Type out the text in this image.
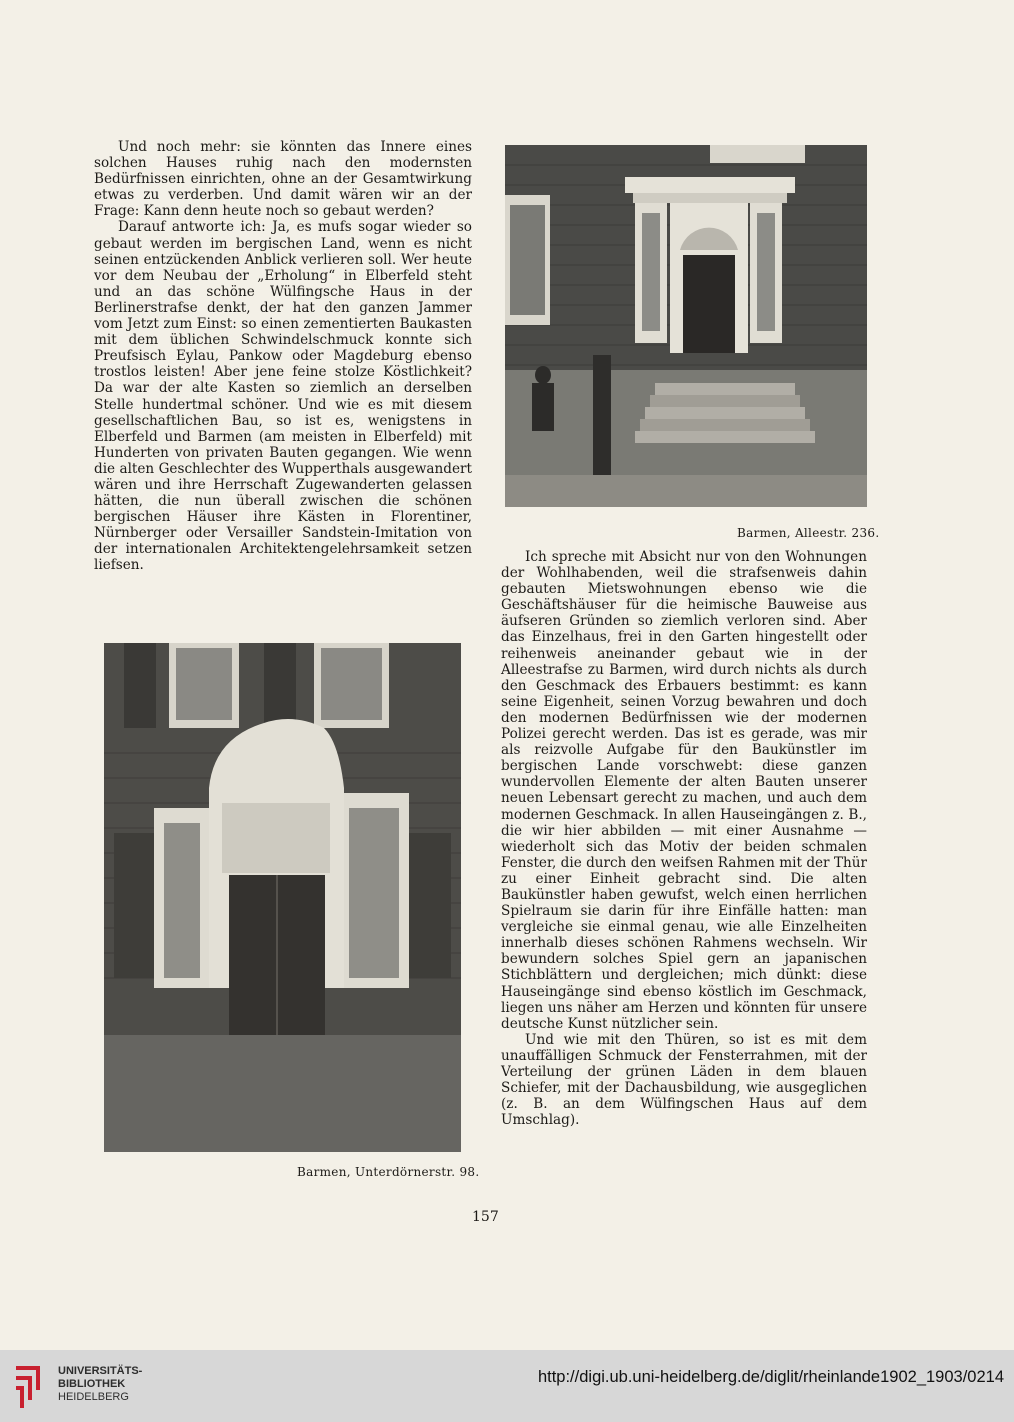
Und noch mehr: sie könnten das Innere eines solchen Hauses ruhig nach den modernsten Bedürfnissen einrichten, ohne an der Gesamtwirkung etwas zu verderben. Und damit wären wir an der Frage: Kann denn heute noch so gebaut werden?

Darauf antworte ich: Ja, es mufs sogar wieder so gebaut werden im bergischen Land, wenn es nicht seinen entzückenden Anblick verlieren soll. Wer heute vor dem Neubau der „Erholung“ in Elberfeld steht und an das schöne Wülfingsche Haus in der Berlinerstrafse denkt, der hat den ganzen Jammer vom Jetzt zum Einst: so einen zementierten Baukasten mit dem üblichen Schwindelschmuck konnte sich Preufsisch Eylau, Pankow oder Magdeburg ebenso trostlos leisten! Aber jene feine stolze Köstlichkeit? Da war der alte Kasten so ziemlich an derselben Stelle hundertmal schöner. Und wie es mit diesem gesellschaftlichen Bau, so ist es, wenigstens in Elberfeld und Barmen (am meisten in Elberfeld) mit Hunderten von privaten Bauten gegangen. Wie wenn die alten Geschlechter des Wupperthals ausgewandert wären und ihre Herrschaft Zugewanderten gelassen hätten, die nun überall zwischen die schönen bergischen Häuser ihre Kästen in Florentiner, Nürnberger oder Versailler Sandstein-Imitation von der internationalen Architektengelehrsamkeit setzen liefsen.

Barmen, Alleestr. 236.

Ich spreche mit Absicht nur von den Wohnungen der Wohlhabenden, weil die strafsenweis dahin gebauten Mietswohnungen ebenso wie die Geschäftshäuser für die heimische Bauweise aus äufseren Gründen so ziemlich verloren sind. Aber das Einzelhaus, frei in den Garten hingestellt oder reihenweis aneinander gebaut wie in der Alleestrafse zu Barmen, wird durch nichts als durch den Geschmack des Erbauers bestimmt: es kann seine Eigenheit, seinen Vorzug bewahren und doch den modernen Bedürfnissen wie der modernen Polizei gerecht werden. Das ist es gerade, was mir als reizvolle Aufgabe für den Baukünstler im bergischen Lande vorschwebt: diese ganzen wundervollen Elemente der alten Bauten unserer neuen Lebensart gerecht zu machen, und auch dem modernen Geschmack. In allen Hauseingängen z. B., die wir hier abbilden — mit einer Ausnahme — wiederholt sich das Motiv der beiden schmalen Fenster, die durch den weifsen Rahmen mit der Thür zu einer Einheit gebracht sind. Die alten Baukünstler haben gewufst, welch einen herrlichen Spielraum sie darin für ihre Einfälle hatten: man vergleiche sie einmal genau, wie alle Einzelheiten innerhalb dieses schönen Rahmens wechseln. Wir bewundern solches Spiel gern an japanischen Stichblättern und dergleichen; mich dünkt: diese Hauseingänge sind ebenso köstlich im Geschmack, liegen uns näher am Herzen und könnten für unsere deutsche Kunst nützlicher sein.

Und wie mit den Thüren, so ist es mit dem unauffälligen Schmuck der Fensterrahmen, mit der Verteilung der grünen Läden in dem blauen Schiefer, mit der Dachausbildung, wie ausgeglichen (z. B. an dem Wülfingschen Haus auf dem Umschlag).

Barmen, Unterdörnerstr. 98.
157
UNIVERSITÄTS-
BIBLIOTHEK
HEIDELBERG
http://digi.ub.uni-heidelberg.de/diglit/rheinlande1902_1903/0214
